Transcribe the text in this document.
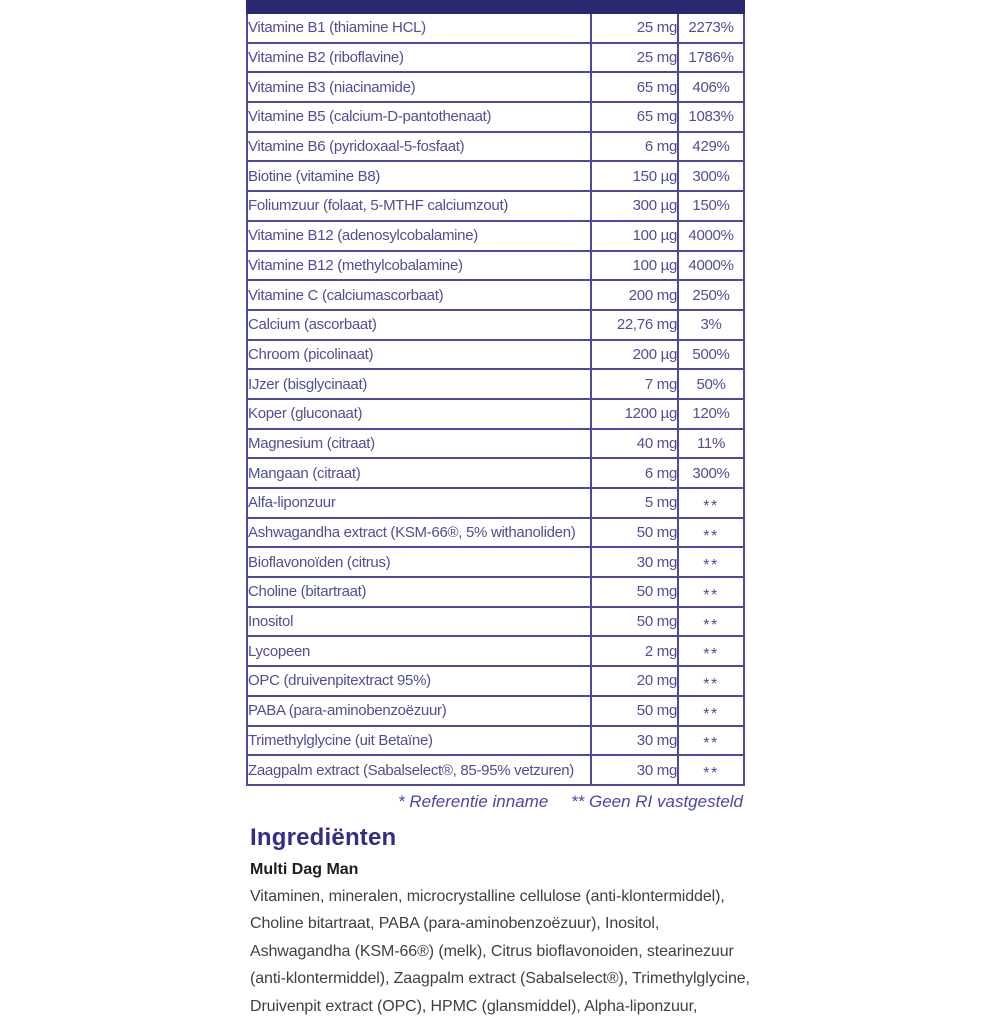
Vitamine B1 (thiamine HCL)	25 mg	2273%
Vitamine B2 (riboflavine)	25 mg	1786%
Vitamine B3 (niacinamide)	65 mg	406%
Vitamine B5 (calcium-D-pantothenaat)	65 mg	1083%
Vitamine B6 (pyridoxaal-5-fosfaat)	6 mg	429%
Biotine (vitamine B8)	150 µg	300%
Foliumzuur (folaat, 5-MTHF calciumzout)	300 µg	150%
Vitamine B12 (adenosylcobalamine)	100 µg	4000%
Vitamine B12 (methylcobalamine)	100 µg	4000%
Vitamine C (calciumascorbaat)	200 mg	250%
Calcium (ascorbaat)	22,76 mg	3%
Chroom (picolinaat)	200 µg	500%
IJzer (bisglycinaat)	7 mg	50%
Koper (gluconaat)	1200 µg	120%
Magnesium (citraat)	40 mg	11%
Mangaan (citraat)	6 mg	300%
Alfa-liponzuur	5 mg	**
Ashwagandha extract (KSM-66®, 5% withanoliden)	50 mg	**
Bioflavonoïden (citrus)	30 mg	**
Choline (bitartraat)	50 mg	**
Inositol	50 mg	**
Lycopeen	2 mg	**
OPC (druivenpitextract 95%)	20 mg	**
PABA (para-aminobenzoëzuur)	50 mg	**
Trimethylglycine (uit Betaïne)	30 mg	**
Zaagpalm extract (Sabalselect®, 85-95% vetzuren)	30 mg	**
* Referentie inname ** Geen RI vastgesteld
Ingrediënten
Multi Dag Man
Vitaminen, mineralen, microcrystalline cellulose (anti-klontermiddel),
Choline bitartraat, PABA (para-aminobenzoëzuur), Inositol,
Ashwagandha (KSM-66®) (melk), Citrus bioflavonoiden, stearinezuur
(anti-klontermiddel), Zaagpalm extract (Sabalselect®), Trimethylglycine,
Druivenpit extract (OPC), HPMC (glansmiddel), Alpha-liponzuur,
